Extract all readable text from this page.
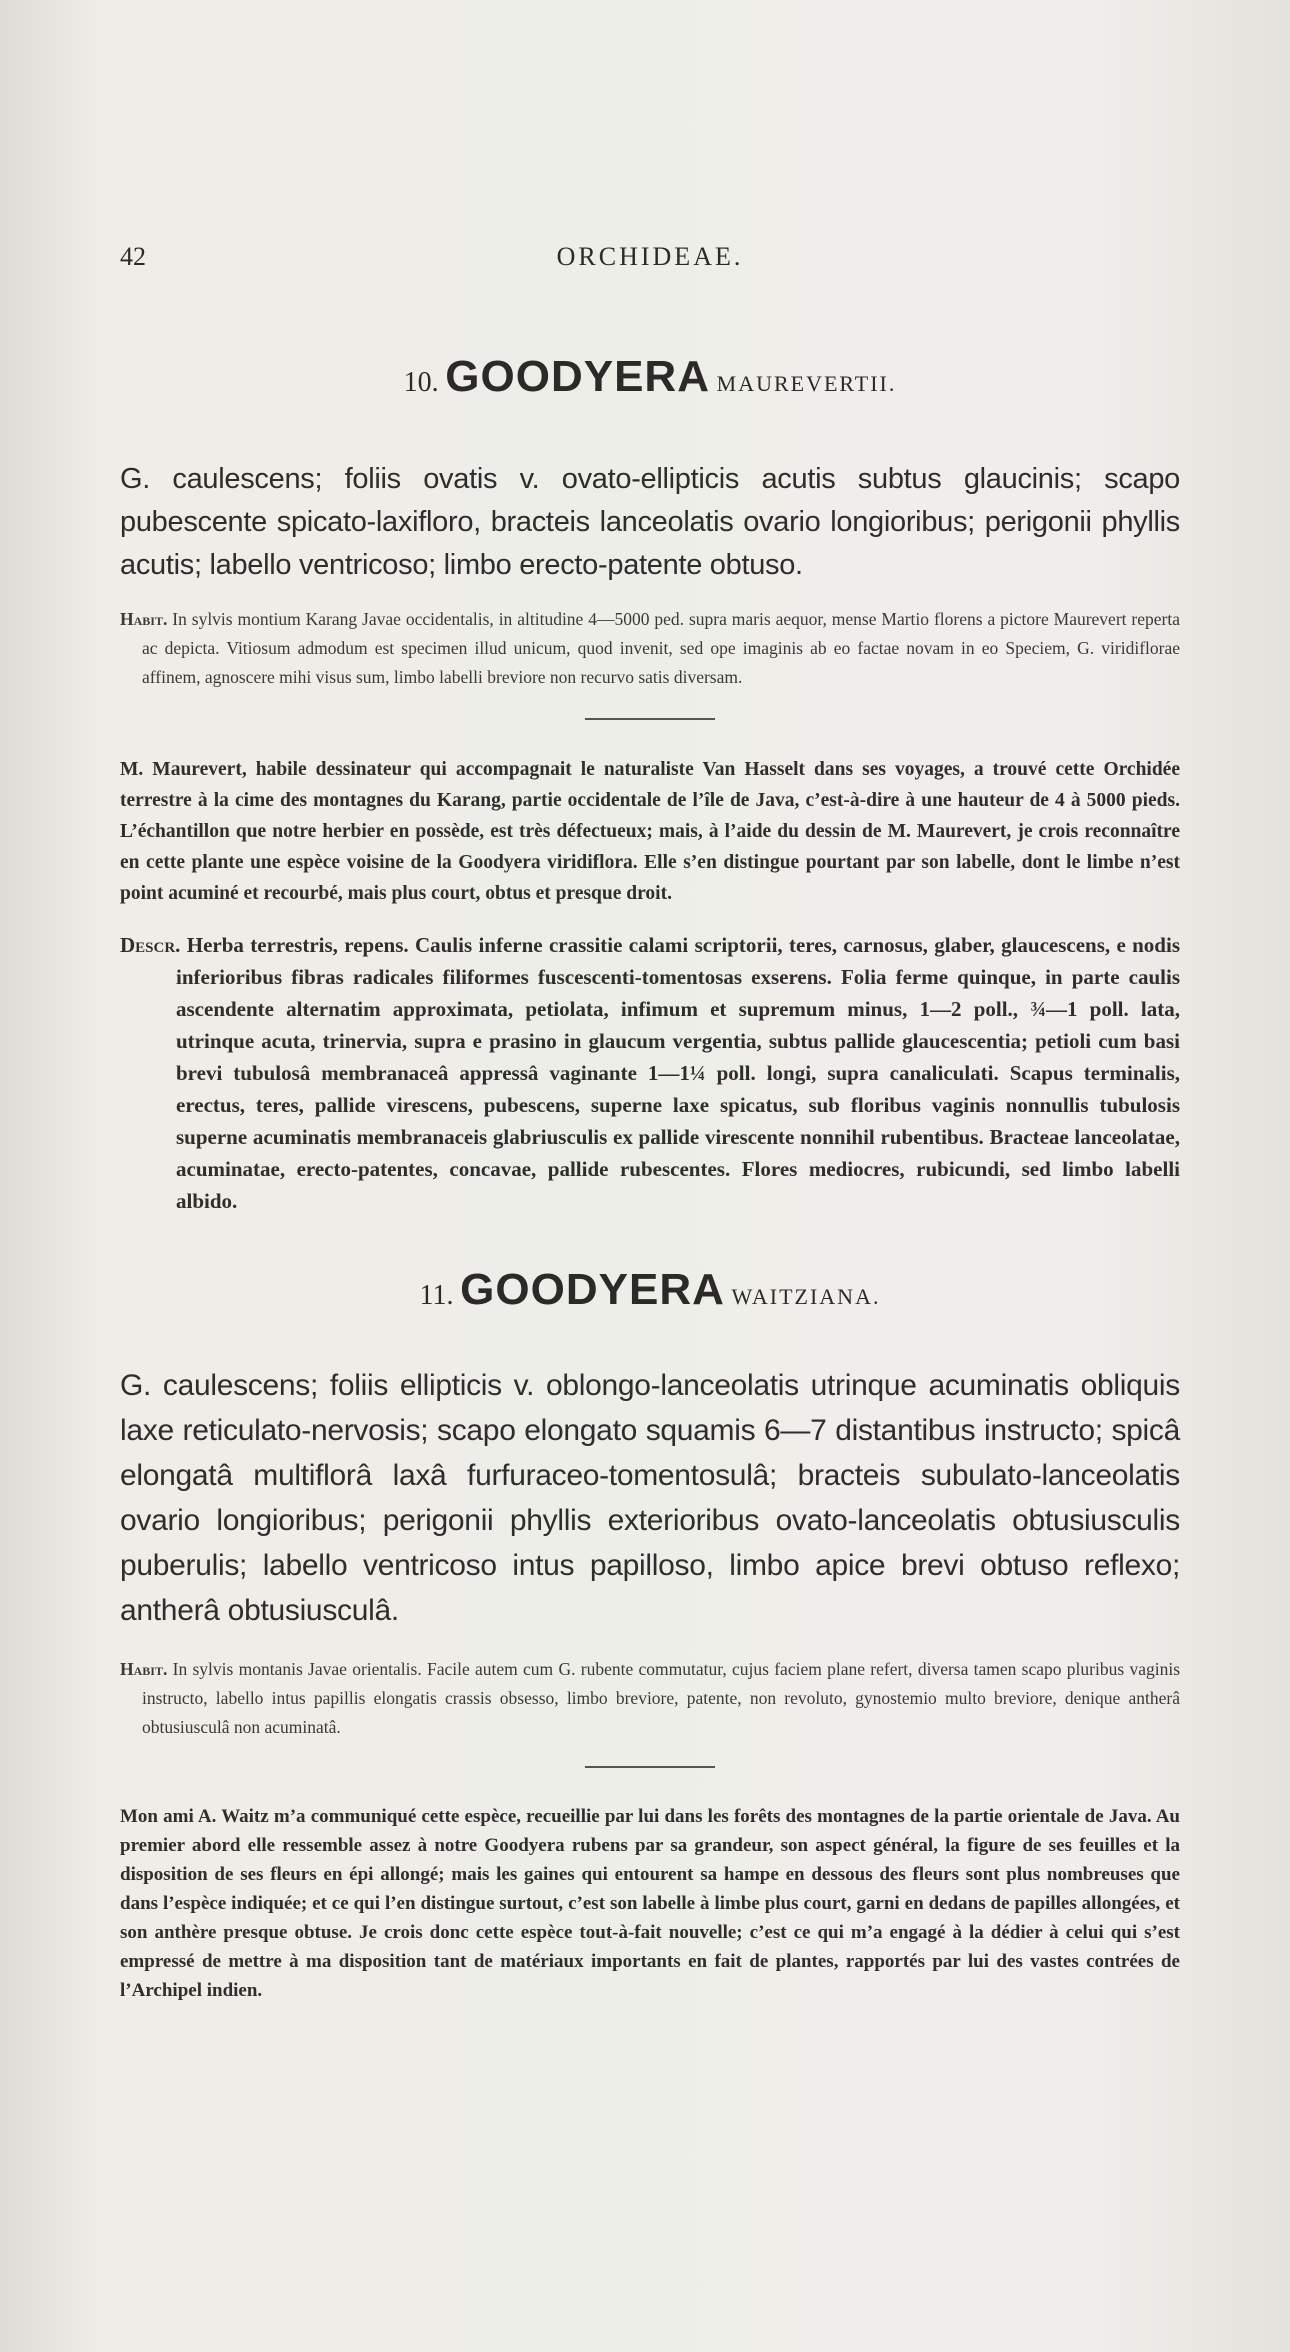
42	ORCHIDEAE.
10. GOODYERA MAUREVERTII.

G. caulescens; foliis ovatis v. ovato-ellipticis acutis subtus glaucinis; scapo pubescente spicato-laxifloro, bracteis lanceolatis ovario longioribus; perigonii phyllis acutis; labello ventricoso; limbo erecto-patente obtuso.

Habit. In sylvis montium Karang Javae occidentalis, in altitudine 4—5000 ped. supra maris aequor, mense Martio florens a pictore Maurevert reperta ac depicta. Vitiosum admodum est specimen illud unicum, quod invenit, sed ope imaginis ab eo factae novam in eo Speciem, G. viridiflorae affinem, agnoscere mihi visus sum, limbo labelli breviore non recurvo satis diversam.

M. Maurevert, habile dessinateur qui accompagnait le naturaliste Van Hasselt dans ses voyages, a trouvé cette Orchidée terrestre à la cime des montagnes du Karang, partie occidentale de l’île de Java, c’est-à-dire à une hauteur de 4 à 5000 pieds. L’échantillon que notre herbier en possède, est très défectueux; mais, à l’aide du dessin de M. Maurevert, je crois reconnaître en cette plante une espèce voisine de la Goodyera viridiflora. Elle s’en distingue pourtant par son labelle, dont le limbe n’est point acuminé et recourbé, mais plus court, obtus et presque droit.

Descr. Herba terrestris, repens. Caulis inferne crassitie calami scriptorii, teres, carnosus, glaber, glaucescens, e nodis inferioribus fibras radicales filiformes fuscescenti-tomentosas exserens. Folia ferme quinque, in parte caulis ascendente alternatim approximata, petiolata, infimum et supremum minus, 1—2 poll., ¾—1 poll. lata, utrinque acuta, trinervia, supra e prasino in glaucum vergentia, subtus pallide glaucescentia; petioli cum basi brevi tubulosâ membranaceâ appressâ vaginante 1—1¼ poll. longi, supra canaliculati. Scapus terminalis, erectus, teres, pallide virescens, pubescens, superne laxe spicatus, sub floribus vaginis nonnullis tubulosis superne acuminatis membranaceis glabriusculis ex pallide virescente nonnihil rubentibus. Bracteae lanceolatae, acuminatae, erecto-patentes, concavae, pallide rubescentes. Flores mediocres, rubicundi, sed limbo labelli albido.

11. GOODYERA WAITZIANA.

G. caulescens; foliis ellipticis v. oblongo-lanceolatis utrinque acuminatis obliquis laxe reticulato-nervosis; scapo elongato squamis 6—7 distantibus instructo; spicâ elongatâ multiflorâ laxâ furfuraceo-tomentosulâ; bracteis subulato-lanceolatis ovario longioribus; perigonii phyllis exterioribus ovato-lanceolatis obtusiusculis puberulis; labello ventricoso intus papilloso, limbo apice brevi obtuso reflexo; antherâ obtusiusculâ.

Habit. In sylvis montanis Javae orientalis. Facile autem cum G. rubente commutatur, cujus faciem plane refert, diversa tamen scapo pluribus vaginis instructo, labello intus papillis elongatis crassis obsesso, limbo breviore, patente, non revoluto, gynostemio multo breviore, denique antherâ obtusiusculâ non acuminatâ.

Mon ami A. Waitz m’a communiqué cette espèce, recueillie par lui dans les forêts des montagnes de la partie orientale de Java. Au premier abord elle ressemble assez à notre Goodyera rubens par sa grandeur, son aspect général, la figure de ses feuilles et la disposition de ses fleurs en épi allongé; mais les gaines qui entourent sa hampe en dessous des fleurs sont plus nombreuses que dans l’espèce indiquée; et ce qui l’en distingue surtout, c’est son labelle à limbe plus court, garni en dedans de papilles allongées, et son anthère presque obtuse. Je crois donc cette espèce tout-à-fait nouvelle; c’est ce qui m’a engagé à la dédier à celui qui s’est empressé de mettre à ma disposition tant de matériaux importants en fait de plantes, rapportés par lui des vastes contrées de l’Archipel indien.
